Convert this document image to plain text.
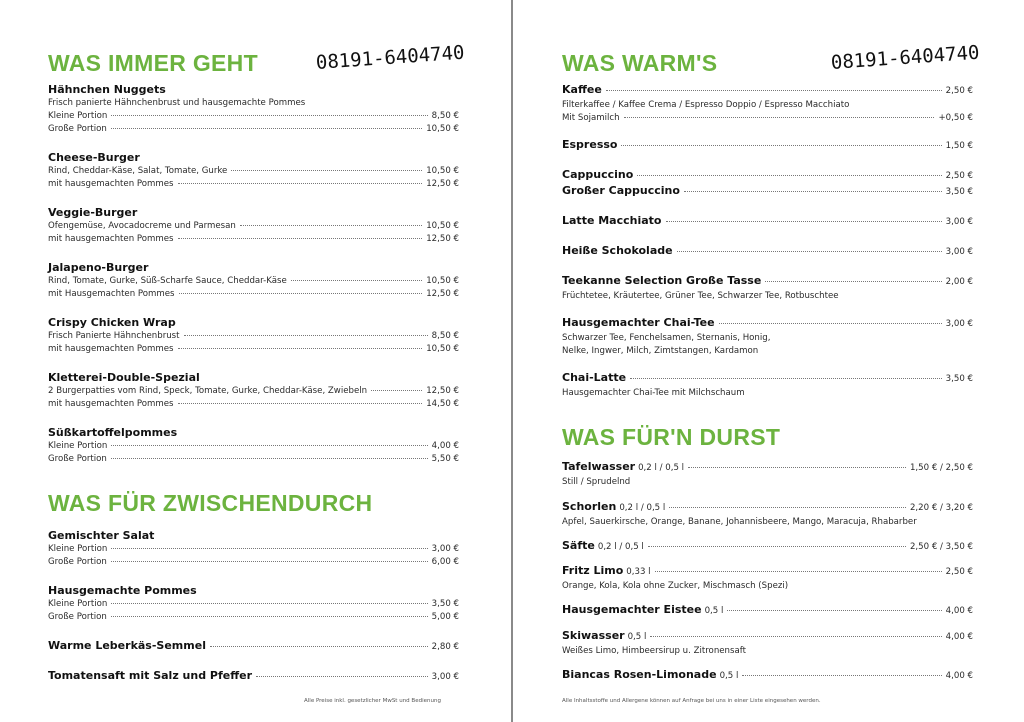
WAS IMMER GEHT	08191-6404740
Hähnchen Nuggets
Frisch panierte Hähnchenbrust und hausgemachte Pommes
Kleine Portion	8,50 €
Große Portion	10,50 €
Cheese-Burger
Rind, Cheddar-Käse, Salat, Tomate, Gurke	10,50 €
mit hausgemachten Pommes	12,50 €
Veggie-Burger
Ofengemüse, Avocadocreme und Parmesan	10,50 €
mit hausgemachten Pommes	12,50 €
Jalapeno-Burger
Rind, Tomate, Gurke, Süß-Scharfe Sauce, Cheddar-Käse	10,50 €
mit Hausgemachten Pommes	12,50 €
Crispy Chicken Wrap
Frisch Panierte Hähnchenbrust	8,50 €
mit hausgemachten Pommes	10,50 €
Kletterei-Double-Spezial
2 Burgerpatties vom Rind, Speck, Tomate, Gurke, Cheddar-Käse, Zwiebeln	12,50 €
mit hausgemachten Pommes	14,50 €
Süßkartoffelpommes
Kleine Portion	4,00 €
Große Portion	5,50 €
WAS FÜR ZWISCHENDURCH
Gemischter Salat
Kleine Portion	3,00 €
Große Portion	6,00 €
Hausgemachte Pommes
Kleine Portion	3,50 €
Große Portion	5,00 €
Warme Leberkäs-Semmel	2,80 €
Tomatensaft mit Salz und Pfeffer	3,00 €
Alle Preise inkl. gesetzlicher MwSt und Bedienung
WAS WARM'S	08191-6404740
Kaffee	2,50 €
Filterkaffee / Kaffee Crema / Espresso Doppio / Espresso Macchiato
Mit Sojamilch	+0,50 €
Espresso	1,50 €
Cappuccino	2,50 €
Großer Cappuccino	3,50 €
Latte Macchiato	3,00 €
Heiße Schokolade	3,00 €
Teekanne Selection Große Tasse	2,00 €
Früchtetee, Kräutertee, Grüner Tee, Schwarzer Tee, Rotbuschtee
Hausgemachter Chai-Tee	3,00 €
Schwarzer Tee, Fenchelsamen, Sternanis, Honig,
Nelke, Ingwer, Milch, Zimtstangen, Kardamon
Chai-Latte	3,50 €
Hausgemachter Chai-Tee mit Milchschaum
WAS FÜR'N DURST
Tafelwasser 0,2 l / 0,5 l	1,50 € / 2,50 €
Still / Sprudelnd
Schorlen 0,2 l / 0,5 l	2,20 € / 3,20 €
Apfel, Sauerkirsche, Orange, Banane, Johannisbeere, Mango, Maracuja, Rhabarber
Säfte 0,2 l / 0,5 l	2,50 € / 3,50 €
Fritz Limo 0,33 l	2,50 €
Orange, Kola, Kola ohne Zucker, Mischmasch (Spezi)
Hausgemachter Eistee 0,5 l	4,00 €
Skiwasser 0,5 l	4,00 €
Weißes Limo, Himbeersirup u. Zitronensaft
Biancas Rosen-Limonade 0,5 l	4,00 €
Alle Inhaltsstoffe und Allergene können auf Anfrage bei uns in einer Liste eingesehen werden.
